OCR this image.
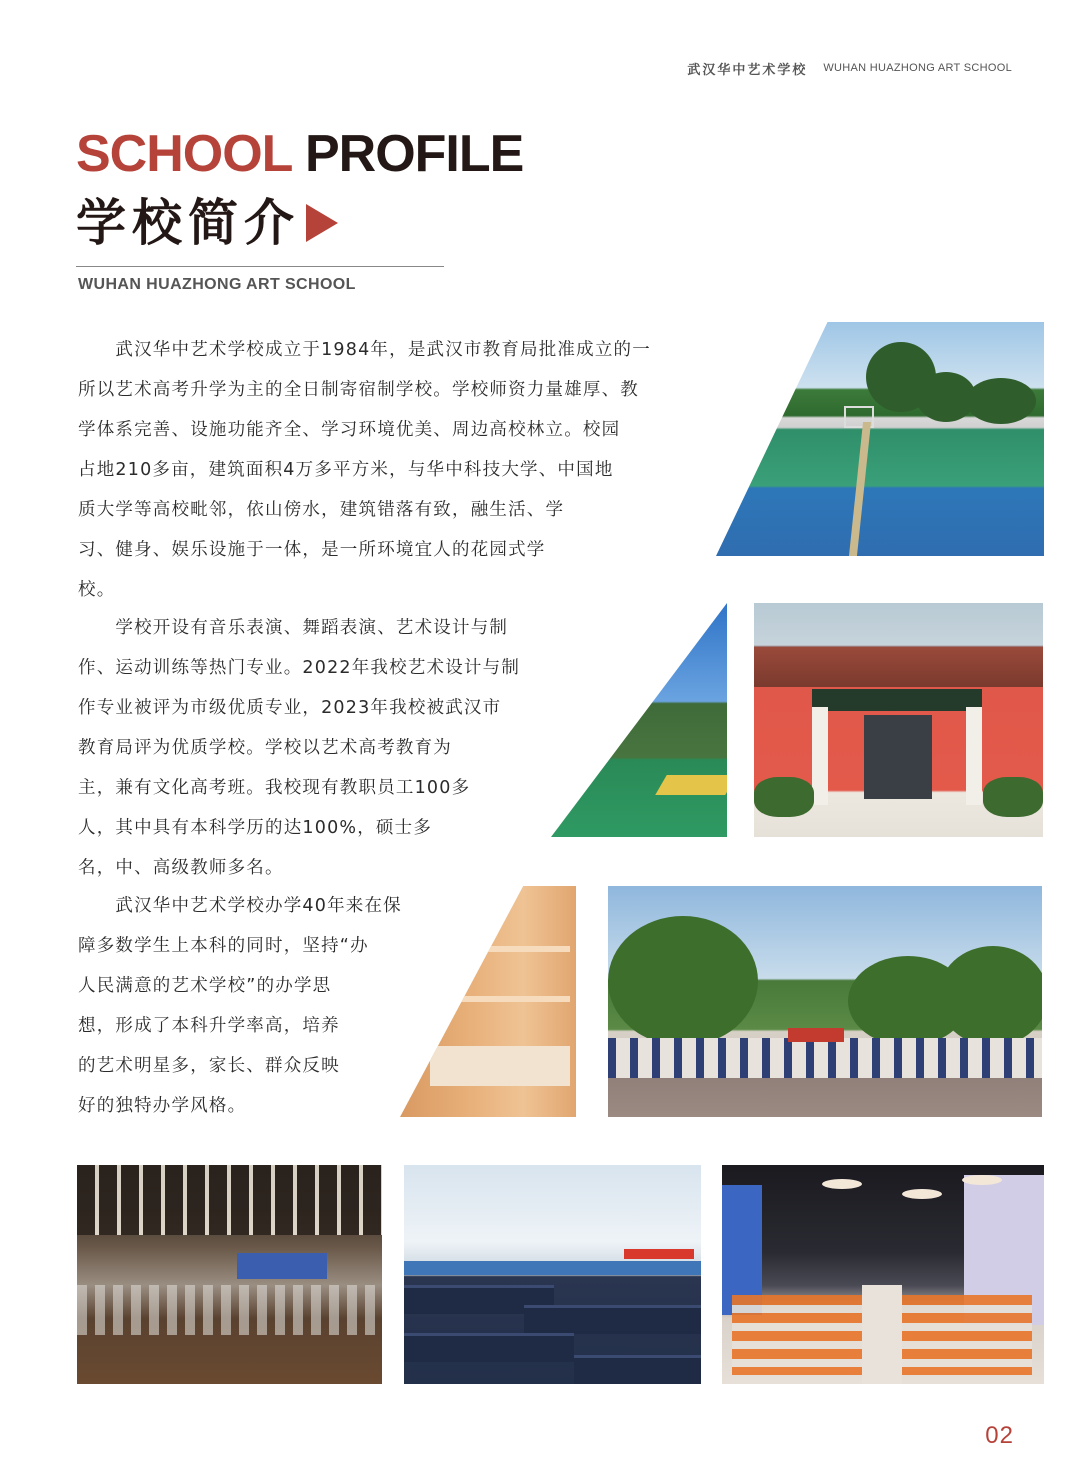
武汉华中艺术学校 WUHAN HUAZHONG ART SCHOOL
SCHOOL PROFILE
学校简介
WUHAN HUAZHONG ART SCHOOL

　　武汉华中艺术学校成立于1984年，是武汉市教育局批准成立的一

所以艺术高考升学为主的全日制寄宿制学校。学校师资力量雄厚、教

学体系完善、设施功能齐全、学习环境优美、周边高校林立。校园

占地210多亩，建筑面积4万多平方米，与华中科技大学、中国地

质大学等高校毗邻，依山傍水，建筑错落有致，融生活、学

习、健身、娱乐设施于一体，是一所环境宜人的花园式学

校。

　　学校开设有音乐表演、舞蹈表演、艺术设计与制

作、运动训练等热门专业。2022年我校艺术设计与制

作专业被评为市级优质专业，2023年我校被武汉市

教育局评为优质学校。学校以艺术高考教育为

主，兼有文化高考班。我校现有教职员工100多

人，其中具有本科学历的达100%，硕士多

名，中、高级教师多名。

　　武汉华中艺术学校办学40年来在保

障多数学生上本科的同时，坚持“办

人民满意的艺术学校”的办学思

想，形成了本科升学率高，培养

的艺术明星多，家长、群众反映

好的独特办学风格。

02
